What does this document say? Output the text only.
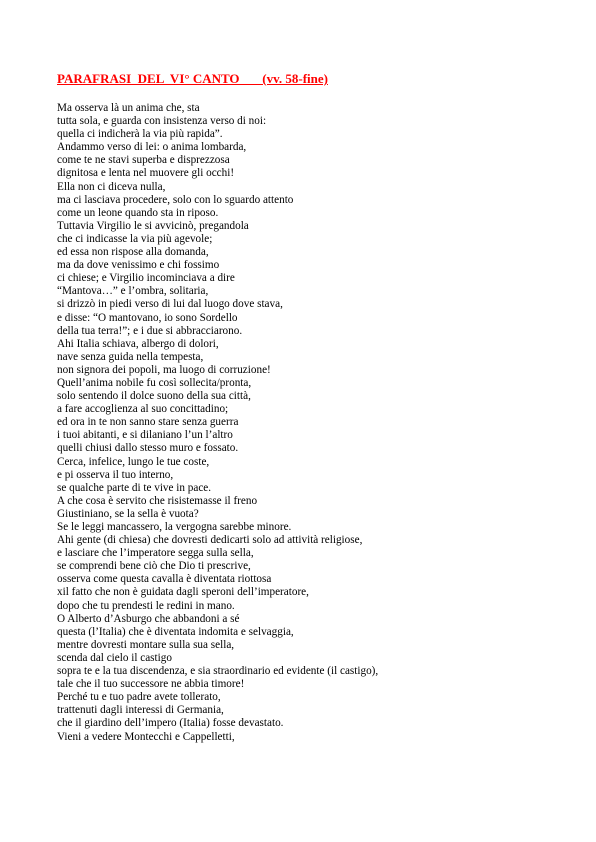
PARAFRASI  DEL  VI° CANTO       (vv. 58-fine)
Ma osserva là un anima che, sta
tutta sola, e guarda con insistenza verso di noi:
quella ci indicherà la via più rapida”.
Andammo verso di lei: o anima lombarda,
come te ne stavi superba e disprezzosa
dignitosa e lenta nel muovere gli occhi!
Ella non ci diceva nulla,
ma ci lasciava procedere, solo con lo sguardo attento
come un leone quando sta in riposo.
Tuttavia Virgilio le si avvicinò, pregandola
che ci indicasse la via più agevole;
ed essa non rispose alla domanda,
ma da dove venissimo e chi fossimo
ci chiese; e Virgilio incominciava a dire
“Mantova…” e l’ombra, solitaria,
si drizzò in piedi verso di lui dal luogo dove stava,
e disse: “O mantovano, io sono Sordello
della tua terra!”; e i due si abbracciarono.
Ahi Italia schiava, albergo di dolori,
nave senza guida nella tempesta,
non signora dei popoli, ma luogo di corruzione!
Quell’anima nobile fu così sollecita/pronta,
solo sentendo il dolce suono della sua città,
a fare accoglienza al suo concittadino;
ed ora in te non sanno stare senza guerra
i tuoi abitanti, e si dilaniano l’un l’altro
quelli chiusi dallo stesso muro e fossato.
Cerca, infelice, lungo le tue coste,
e pi osserva il tuo interno,
se qualche parte di te vive in pace.
A che cosa è servito che risistemasse il freno
Giustiniano, se la sella è vuota?
Se le leggi mancassero, la vergogna sarebbe minore.
Ahi gente (di chiesa) che dovresti dedicarti solo ad attività religiose,
e lasciare che l’imperatore segga sulla sella,
se comprendi bene ciò che Dio ti prescrive,
osserva come questa cavalla è diventata riottosa
xil fatto che non è guidata dagli speroni dell’imperatore,
dopo che tu prendesti le redini in mano.
O Alberto d’Asburgo che abbandoni a sé
questa (l’Italia) che è diventata indomita e selvaggia,
mentre dovresti montare sulla sua sella,
scenda dal cielo il castigo
sopra te e la tua discendenza, e sia straordinario ed evidente (il castigo),
tale che il tuo successore ne abbia timore!
Perché tu e tuo padre avete tollerato,
trattenuti dagli interessi di Germania,
che il giardino dell’impero (Italia) fosse devastato.
Vieni a vedere Montecchi e Cappelletti,
